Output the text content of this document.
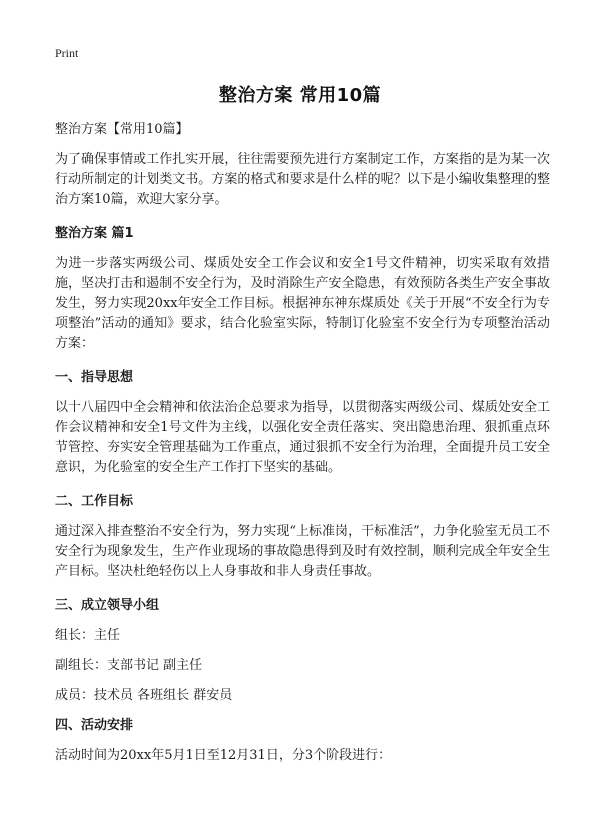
Print
整治方案 常用10篇

整治方案【常用10篇】

为了确保事情或工作扎实开展，往往需要预先进行方案制定工作，方案指的是为某一次行动所制定的计划类文书。方案的格式和要求是什么样的呢？以下是小编收集整理的整治方案10篇，欢迎大家分享。

整治方案 篇1

为进一步落实两级公司、煤质处安全工作会议和安全1号文件精神，切实采取有效措施，坚决打击和遏制不安全行为，及时消除生产安全隐患，有效预防各类生产安全事故发生，努力实现20xx年安全工作目标。根据神东神东煤质处《关于开展“不安全行为专项整治”活动的通知》要求，结合化验室实际，特制订化验室不安全行为专项整治活动方案：

一、指导思想

以十八届四中全会精神和依法治企总要求为指导，以贯彻落实两级公司、煤质处安全工作会议精神和安全1号文件为主线，以强化安全责任落实、突出隐患治理、狠抓重点环节管控、夯实安全管理基础为工作重点，通过狠抓不安全行为治理，全面提升员工安全意识，为化验室的安全生产工作打下坚实的基础。

二、工作目标

通过深入排查整治不安全行为，努力实现“上标准岗，干标准活”，力争化验室无员工不安全行为现象发生，生产作业现场的事故隐患得到及时有效控制，顺利完成全年安全生产目标。坚决杜绝轻伤以上人身事故和非人身责任事故。

三、成立领导小组

组长：主任

副组长：支部书记 副主任

成员：技术员 各班组长 群安员

四、活动安排

活动时间为20xx年5月1日至12月31日，分3个阶段进行：
